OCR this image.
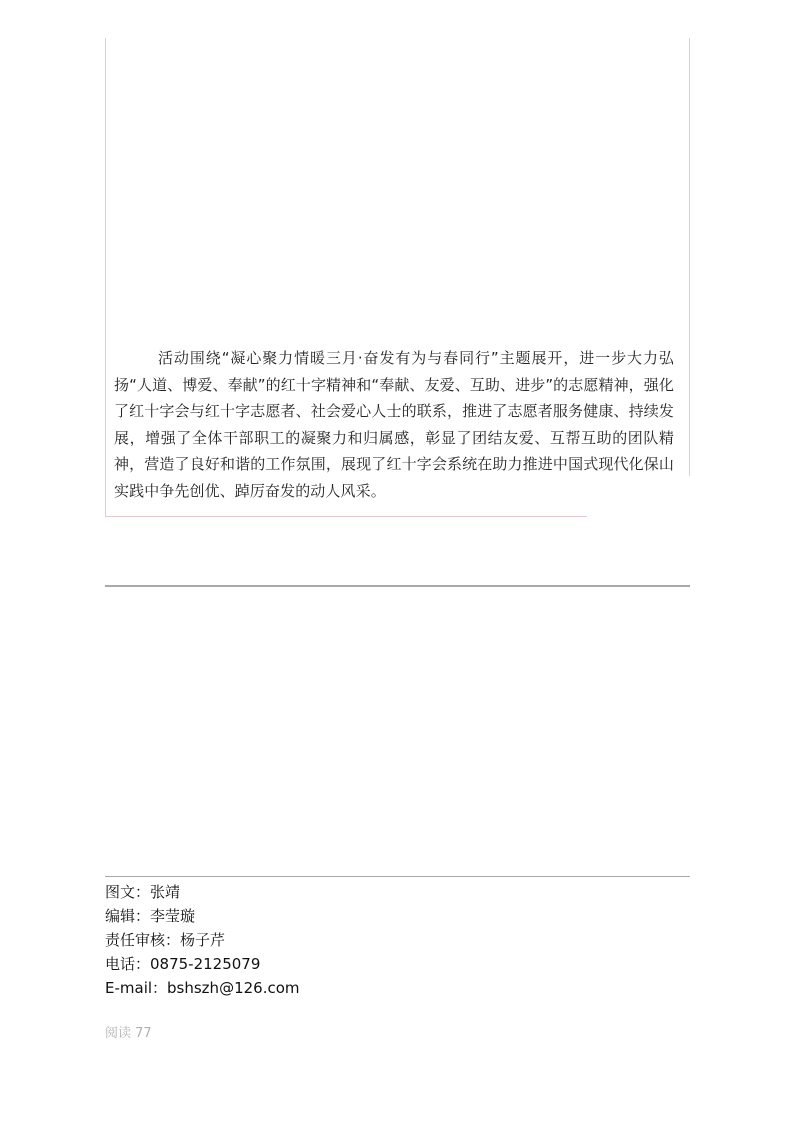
活动围绕“凝心聚力情暖三月·奋发有为与春同行”主题展开，进一步大力弘扬“人道、博爱、奉献”的红十字精神和“奉献、友爱、互助、进步”的志愿精神，强化了红十字会与红十字志愿者、社会爱心人士的联系，推进了志愿者服务健康、持续发展，增强了全体干部职工的凝聚力和归属感，彰显了团结友爱、互帮互助的团队精神，营造了良好和谐的工作氛围，展现了红十字会系统在助力推进中国式现代化保山实践中争先创优、踔厉奋发的动人风采。

图文：张靖
编辑：李莹璇
责任审核：杨子芹
电话：0875-2125079
E-mail：bshszh@126.com
阅读 77
